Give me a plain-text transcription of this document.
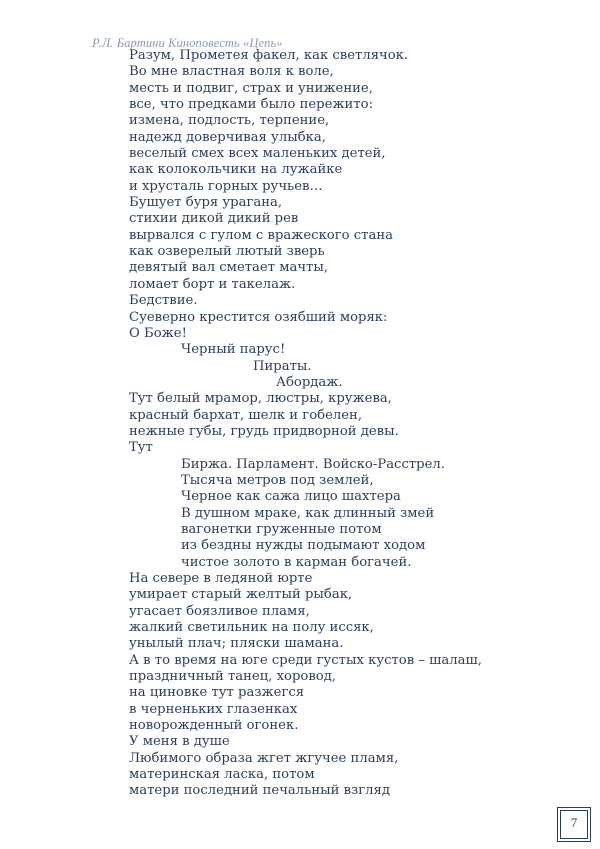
Р.Л. Бартини Киноповесть «Цепь»
Разум, Прометея факел, как светлячок.
Во мне властная воля к воле,
месть и подвиг, страх и унижение,
все, что предками было пережито:
измена, подлость, терпение,
надежд доверчивая улыбка,
веселый смех всех маленьких детей,
как колокольчики на лужайке
и хрусталь горных ручьев…
Бушует буря урагана,
стихии дикой дикий рев
вырвался с гулом с вражеского стана
как озверелый лютый зверь
девятый вал сметает мачты,
ломает борт и такелаж.
Бедствие.
Суеверно крестится озябший моряк:
О Боже!
Черный парус!
Пираты.
Абордаж.
Тут белый мрамор, люстры, кружева,
красный бархат, шелк и гобелен,
нежные губы, грудь придворной девы.
Тут
Биржа. Парламент. Войско-Расстрел.
Тысяча метров под землей,
Черное как сажа лицо шахтера
В душном мраке, как длинный змей
вагонетки груженные потом
из бездны нужды подымают ходом
чистое золото в карман богачей.
На севере в ледяной юрте
умирает старый желтый рыбак,
угасает боязливое пламя,
жалкий светильник на полу иссяк,
унылый плач; пляски шамана.
А в то время на юге среди густых кустов – шалаш,
праздничный танец, хоровод,
на циновке тут разжегся
в черненьких глазенках
новорожденный огонек.
У меня в душе
Любимого образа жгет жгучее пламя,
материнская ласка, потом
матери последний печальный взгляд
7
